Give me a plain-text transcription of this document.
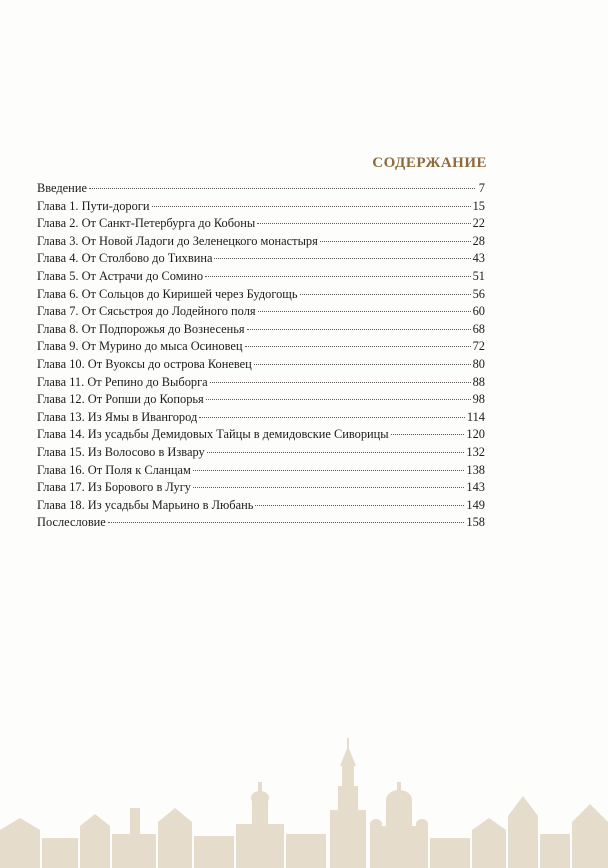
СОДЕРЖАНИЕ
Введение	7
Глава 1. Пути-дороги	15
Глава 2. От Санкт-Петербурга до Кобоны	22
Глава 3. От Новой Ладоги до Зеленецкого монастыря	28
Глава 4. От Столбово до Тихвина	43
Глава 5. От Астрачи до Сомино	51
Глава 6. От Сольцов до Киришей через Будогощь	56
Глава 7. От Сясьстроя до Лодейного поля	60
Глава 8. От Подпорожья до Вознесенья	68
Глава 9. От Мурино до мыса Осиновец	72
Глава 10. От Вуоксы до острова Коневец	80
Глава 11. От Репино до Выборга	88
Глава 12. От Ропши до Копорья	98
Глава 13. Из Ямы в Ивангород	114
Глава 14. Из усадьбы Демидовых Тайцы в демидовские Сиворицы	120
Глава 15. Из Волосово в Извару	132
Глава 16. От Поля к Сланцам	138
Глава 17. Из Борового в Лугу	143
Глава 18. Из усадьбы Марьино в Любань	149
Послесловие	158
